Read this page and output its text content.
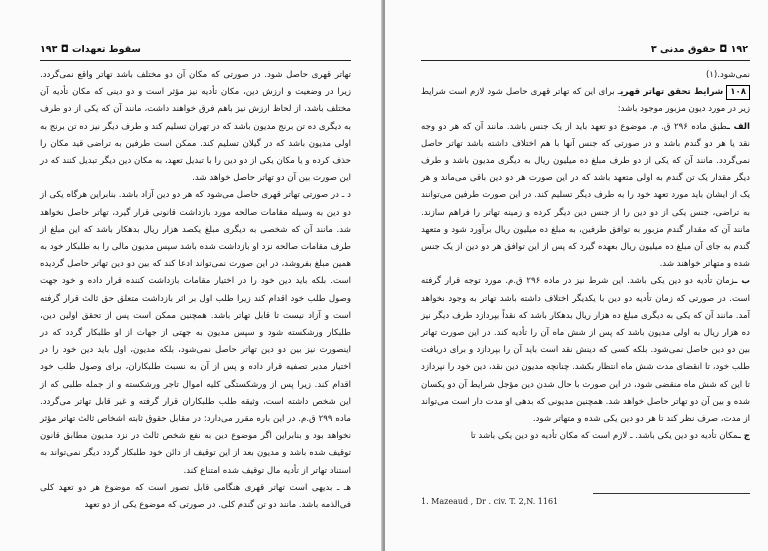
سقوط تعهدات ◘ ۱۹۳

تهاتر قهری حاصل شود. در صورتی که مکان آن دو مختلف باشد تهاتر واقع نمی‌گردد. زیرا در وضعیت و ارزش دین، مکان تأدیه نیز مؤثر است و دو دینی که مکان تأدیه آن مختلف باشد، از لحاظ ارزش نیز باهم فرق خواهند داشت، مانند آن که یکی از دو طرف به دیگری ده تن برنج مدیون باشد که در تهران تسلیم کند و طرف دیگر نیز ده تن برنج به اولی مدیون باشد که در گیلان تسلیم کند. ممکن است طرفین به تراضی قید مکان را حذف کرده و یا مکان یکی از دو دین را با تبدیل تعهد، به مکان دین دیگر تبدیل کنند که در این صورت بین آن دو تهاتر حاصل خواهد شد.

د ـ در صورتی تهاتر قهری حاصل می‌شود که هر دو دین آزاد باشد. بنابراین هرگاه یکی از دو دین به وسیله مقامات صالحه مورد بازداشت قانونی قرار گیرد، تهاتر حاصل نخواهد شد. مانند آن که شخصی به دیگری مبلغ یکصد هزار ریال بدهکار باشد که این مبلغ از طرف مقامات صالحه نزد او بازداشت شده باشد سپس مدیون مالی را به طلبکار خود به همین مبلغ بفروشد، در این صورت نمی‌تواند ادعا کند که بین دو دین تهاتر حاصل گردیده است. بلکه باید دین خود را در اختیار مقامات بازداشت کننده قرار داده و خود جهت وصول طلب خود اقدام کند زیرا طلب اول بر اثر بازداشت متعلق حق ثالث قرار گرفته است و آزاد نیست تا قابل تهاتر باشد. همچنین ممکن است پس از تحقق اولین دین، طلبکار ورشکسته شود و سپس مدیون به جهتی از جهات از او طلبکار گردد که در اینصورت نیز بین دو دین تهاتر حاصل نمی‌شود، بلکه مدیون، اول باید دین خود را در اختیار مدیر تصفیه قرار داده و پس از آن به نسبت طلبکاران، برای وصول طلب خود اقدام کند. زیرا پس از ورشکستگی کلیه اموال تاجر ورشکسته و از جمله طلبی که از این شخص داشته است، وثیقه طلب طلبکاران قرار گرفته و غیر قابل تهاتر می‌گردد. ماده ۲۹۹ ق.م. در این باره مقرر می‌دارد: در مقابل حقوق ثابته اشخاص ثالث تهاتر مؤثر نخواهد بود و بنابراین اگر موضوع دین به نفع شخص ثالث در نزد مدیون مطابق قانون توقیف شده باشد و مدیون بعد از این توقیف از دائن خود طلبکار گردد دیگر نمی‌تواند به استناد تهاتر از تأدیه مال توقیف شده امتناع کند.

هـ ـ بدیهی است تهاتر قهری هنگامی قابل تصور است که موضوع هر دو تعهد کلی فی‌الذمه باشد. مانند دو تن گندم کلی. در صورتی که موضوع یکی از دو تعهد

۱۹۲ ◘ حقوق مدنی ۳

نمی‌شود.(۱)

۱۰۸شرایط تحقق تهاتر قهریـ برای این که تهاتر قهری حاصل شود لازم است شرایط زیر در مورد دیون مزبور موجود باشد:

الف ـطبق ماده ۲۹۶ ق. م. موضوع دو تعهد باید از یک جنس باشد. مانند آن که هر دو وجه نقد یا هر دو گندم باشد و در صورتی که جنس آنها با هم اختلاف داشته باشد تهاتر حاصل نمی‌گردد. مانند آن که یکی از دو طرف مبلغ ده میلیون ریال به دیگری مدیون باشد و طرف دیگر مقدار یک تن گندم به اولی متعهد باشد که در این صورت هر دو دین باقی می‌ماند و هر یک از ایشان باید مورد تعهد خود را به طرف دیگر تسلیم کند. در این صورت طرفین می‌توانند به تراضی، جنس یکی از دو دین را از جنس دین دیگر کرده و زمینه تهاتر را فراهم سازند. مانند آن که مقدار گندم مزبور به توافق طرفین، به مبلغ ده میلیون ریال برآورد شود و متعهد گندم به جای آن مبلغ ده میلیون ریال بعهده گیرد که پس از این توافق هر دو دین از یک جنس شده و متهاتر خواهند شد.

ب ـزمان تأدیه دو دین یکی باشد. این شرط نیز در ماده ۲۹۶ ق.م. مورد توجه قرار گرفته است. در صورتی که زمان تأدیه دو دین با یکدیگر اختلاف داشته باشد تهاتر به وجود نخواهد آمد. مانند آن که یکی به دیگری مبلغ ده هزار ریال بدهکار باشد که نقداً بپردازد طرف دیگر نیز ده هزار ریال به اولی مدیون باشد که پس از شش ماه آن را تأدیه کند. در این صورت تهاتر بین دو دین حاصل نمی‌شود. بلکه کسی که دینش نقد است باید آن را بپردازد و برای دریافت طلب خود، تا انقضای مدت شش ماه انتظار بکشد. چنانچه مدیون دین نقد، دین خود را نپردازد تا این که شش ماه منقضی شود، در این صورت با حال شدن دین مؤجل شرایط آن دو یکسان شده و بین آن دو تهاتر حاصل خواهد شد. همچنین مدیونی که بدهی او مدت دار است می‌تواند از مدت، صرف نظر کند تا هر دو دین یکی شده و متهاتر شود.

ج ـمکان تأدیه دو دین یکی باشد. ـ لازم است که مکان تأدیه دو دین یکی باشد تا

1. Mazeaud , Dr . civ. T. 2,N. 1161
